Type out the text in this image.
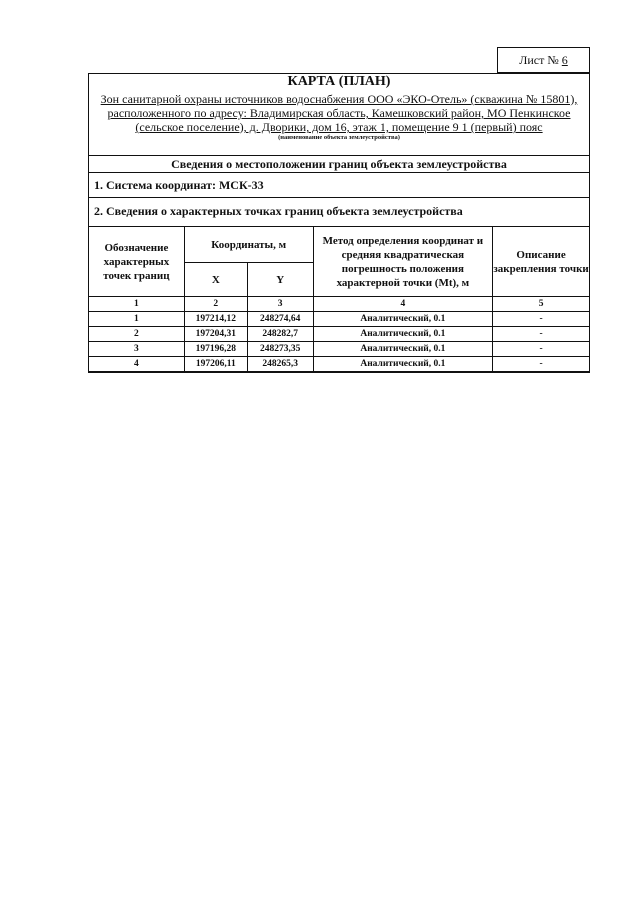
Лист № 6
КАРТА (ПЛАН)
Зон санитарной охраны источников водоснабжения ООО «ЭКО-Отель» (скважина № 15801), расположенного по адресу: Владимирская область, Камешковский район, МО Пенкинское (сельское поселение), д. Дворики, дом 16, этаж 1, помещение 9 1 (первый) пояс
(наименование объекта землеустройства)
Сведения о местоположении границ объекта землеустройства
1. Система координат: МСК-33
2. Сведения о характерных точках границ объекта землеустройства
Обозначение характерных точек границ	Координаты, м		Метод определения координат и средняя квадратическая погрешность положения характерной точки (Mt), м	Описание закрепления точки
	X	Y		
1	2	3	4	5
1	197214,12	248274,64	Аналитический, 0.1	-
2	197204,31	248282,7	Аналитический, 0.1	-
3	197196,28	248273,35	Аналитический, 0.1	-
4	197206,11	248265,3	Аналитический, 0.1	-
